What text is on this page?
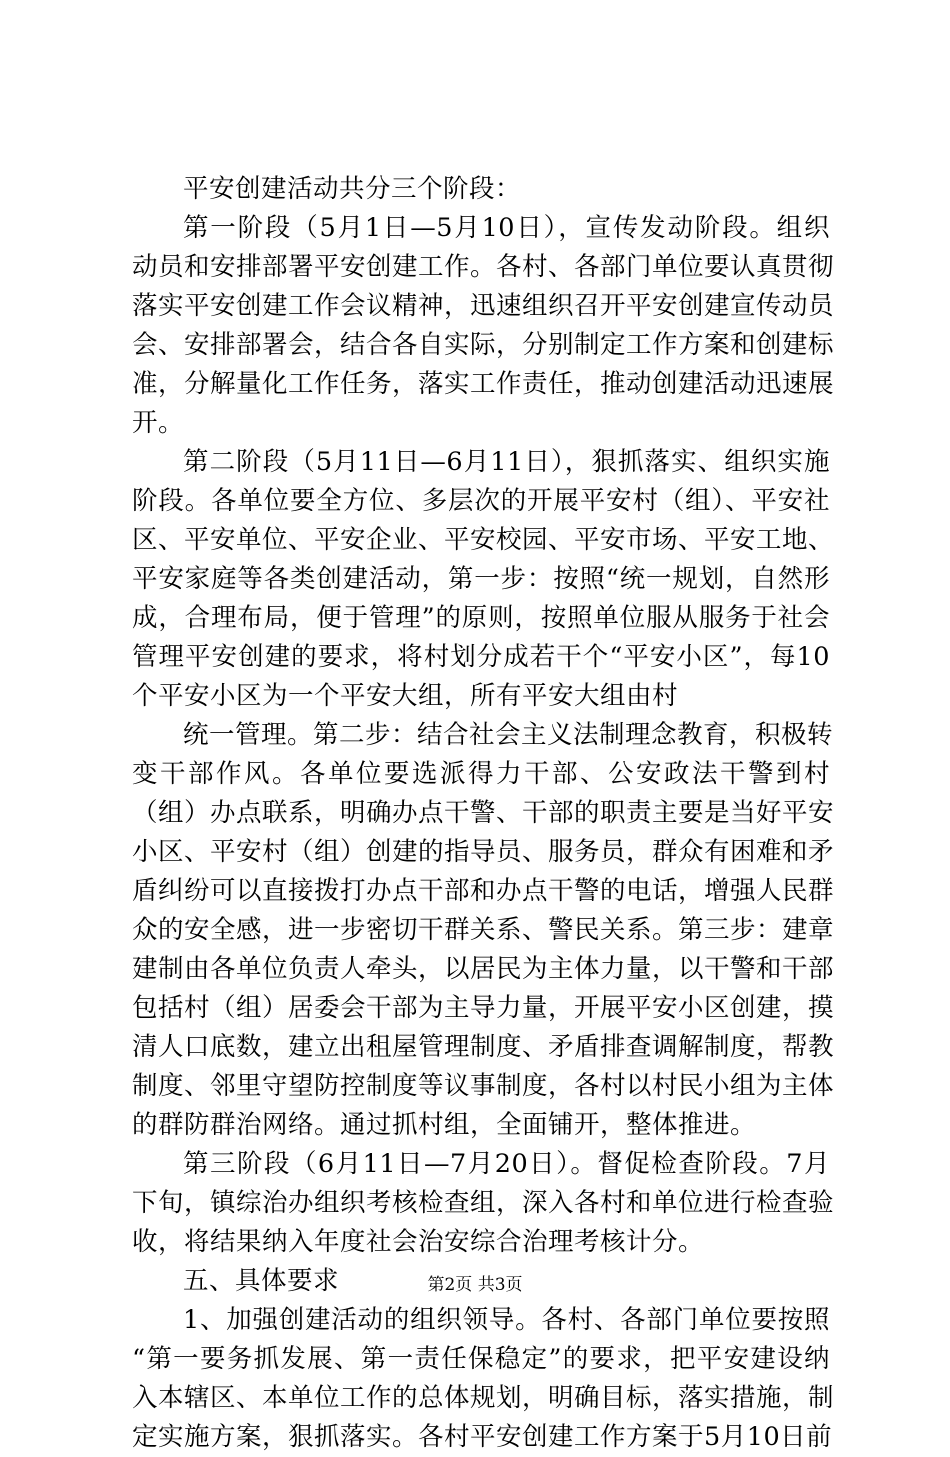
平安创建活动共分三个阶段：
第一阶段（5月1日—5月10日），宣传发动阶段。组织
动员和安排部署平安创建工作。各村、各部门单位要认真贯彻
落实平安创建工作会议精神，迅速组织召开平安创建宣传动员
会、安排部署会，结合各自实际，分别制定工作方案和创建标
准，分解量化工作任务，落实工作责任，推动创建活动迅速展
开。
第二阶段（5月11日—6月11日），狠抓落实、组织实施
阶段。各单位要全方位、多层次的开展平安村（组）、平安社
区、平安单位、平安企业、平安校园、平安市场、平安工地、
平安家庭等各类创建活动，第一步：按照“统一规划，自然形
成，合理布局，便于管理”的原则，按照单位服从服务于社会
管理平安创建的要求，将村划分成若干个“平安小区”，每10
个平安小区为一个平安大组，所有平安大组由村
统一管理。第二步：结合社会主义法制理念教育，积极转
变干部作风。各单位要选派得力干部、公安政法干警到村
（组）办点联系，明确办点干警、干部的职责主要是当好平安
小区、平安村（组）创建的指导员、服务员，群众有困难和矛
盾纠纷可以直接拨打办点干部和办点干警的电话，增强人民群
众的安全感，进一步密切干群关系、警民关系。第三步：建章
建制由各单位负责人牵头，以居民为主体力量，以干警和干部
包括村（组）居委会干部为主导力量，开展平安小区创建，摸
清人口底数，建立出租屋管理制度、矛盾排查调解制度，帮教
制度、邻里守望防控制度等议事制度，各村以村民小组为主体
的群防群治网络。通过抓村组，全面铺开，整体推进。
第三阶段（6月11日—7月20日）。督促检查阶段。7月
下旬，镇综治办组织考核检查组，深入各村和单位进行检查验
收，将结果纳入年度社会治安综合治理考核计分。
五、具体要求
1、加强创建活动的组织领导。各村、各部门单位要按照
“第一要务抓发展、第一责任保稳定”的要求，把平安建设纳
入本辖区、本单位工作的总体规划，明确目标，落实措施，制
定实施方案，狠抓落实。各村平安创建工作方案于5月10日前
第2页 共3页
